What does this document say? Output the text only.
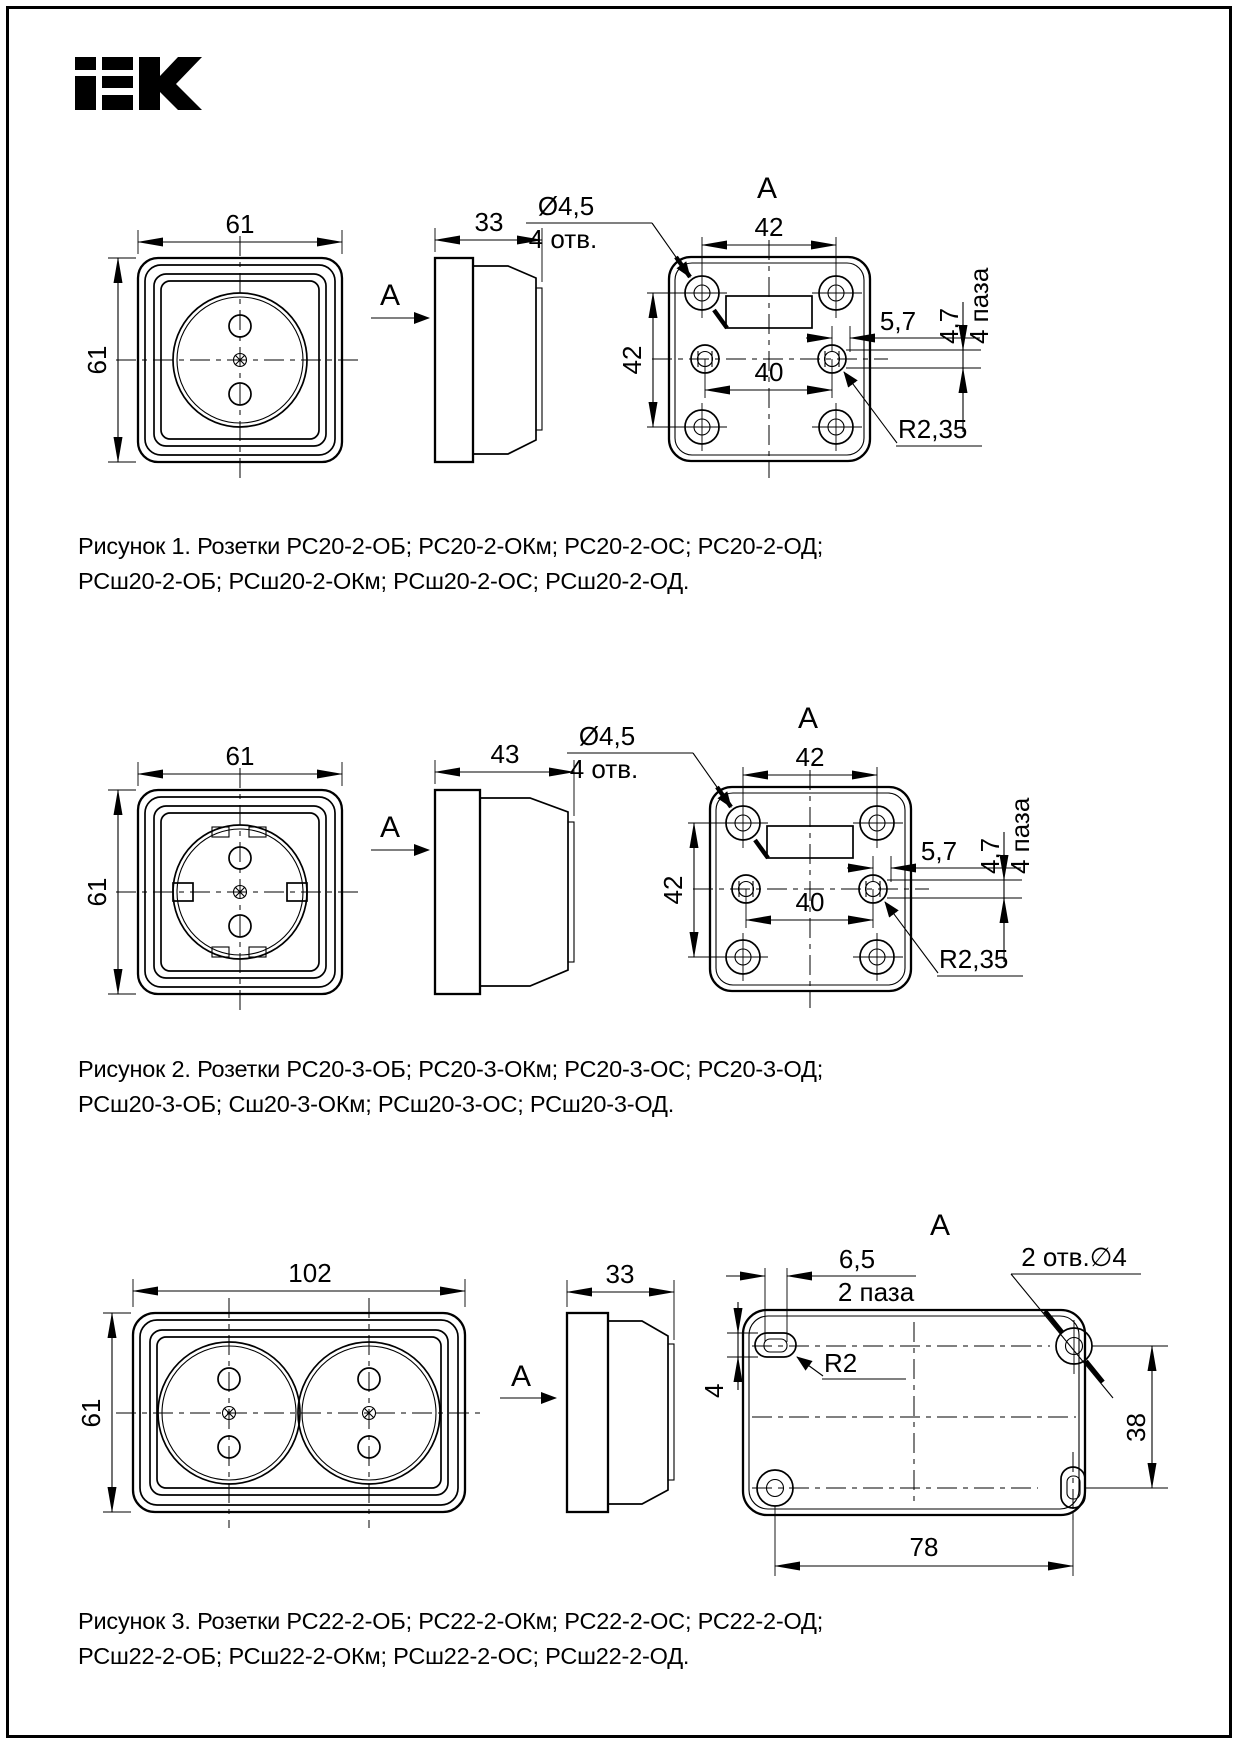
61
61
A
33
A
42
42	40
5,7 4,7 4 паза
Ø4,5
4 отв.
R2,35
61
61
A
43
A
42
42	40
5,7 4,7 4 паза
Ø4,5
4 отв.
R2,35
102
61
A
33
A
6,5
2 паза
R2
2 отв.∅4
4
38
78
Рисунок 1. Розетки РС20-2-ОБ; РС20-2-ОКм; РС20-2-ОС; РС20-2-ОД;
РСш20-2-ОБ; РСш20-2-ОКм; РСш20-2-ОС; РСш20-2-ОД.
Рисунок 2. Розетки РС20-3-ОБ; РС20-3-ОКм; РС20-3-ОС; РС20-3-ОД;
РСш20-3-ОБ; Сш20-3-ОКм; РСш20-3-ОС; РСш20-3-ОД.
Рисунок 3. Розетки РС22-2-ОБ; РС22-2-ОКм; РС22-2-ОС; РС22-2-ОД;
РСш22-2-ОБ; РСш22-2-ОКм; РСш22-2-ОС; РСш22-2-ОД.
